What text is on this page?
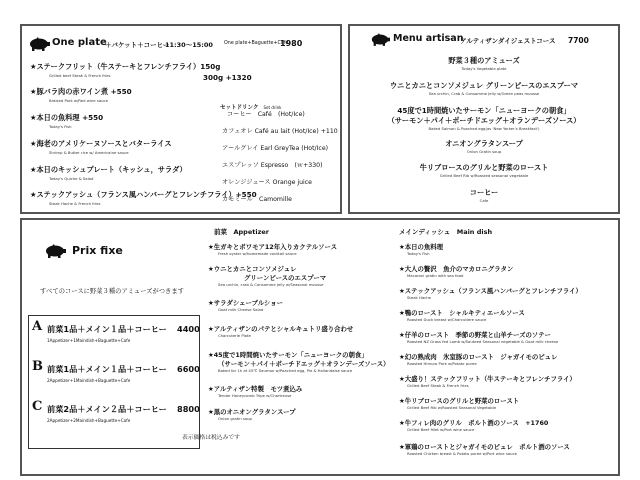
One plate
＋バケット＋コーヒー
11:30〜15:00 One plate+Baguette+Cafe
1980
★ステークフリット（牛ステーキとフレンチフライ）150g
Grilled beef Steak & French fries	300g +1320
★豚バラ肉の赤ワイン煮 +550
Braised Pork w/Red wine sauce
★本日の魚料理 +550
Today's Fish
★海老のアメリケーヌソースとバターライス
Shrimp & Butter rice w/ Americaine sauce
★本日のキッシュプレート（キッシュ，サラダ）
Today's Quiche & Salad
★ステックアッシュ（フランス風ハンバーグとフレンチフライ）+550
Steak Hache & French fries
セットドリンク Set drink
コーヒー　Café　(Hot/Ice)
カフェオレ Café au lait (Hot/Ice) +110
アールグレイ Earl GreyTea (Hot/Ice)
エスプレッソ Espresso　(ｗ+330)
オレンジジュース Orange juice
カモミール　Camomille
Menu artisan
アルティザンダイジェストコース 7700
野菜３種のアミューズ
Today's Vegetable plate
ウニとカニとコンソメジュレ グリーンピースのエスプーマ
Sea urchin, Crab & Consomme Jelly w/Green peas mousse
45度で1時間焼いたサーモン「ニューヨークの朝食」
（サーモン＋パイ＋ポーチドエッグ＋オランデーズソース）
Baked Salmon & Poached egg(as 'New Yorker's Breakfast')
オニオングラタンスープ
Onion Gratin soup
牛リブロースのグリルと野菜のロースト
Grilled Beef Rib w/Roasted seasonal vegetable
コーヒー
Cafe
Prix fixe
すべてのコースに野菜３種のアミューズがつきます
A 前菜1品＋メイン１品＋コーヒー 4400
1Appetizer+1Maindish+Baguette+Cafe
B 前菜1品＋メイン１品＋コーヒー 6600
2Appetizer+1Maindish+Baguette+Cafe
C 前菜2品＋メイン２品＋コーヒー 8800
2Appetizer+2Maindish+Baguette+Cafe
表示価格は税込みです
前菜　Appetizer
★生ガキとポワモア12年入りカクテルソース
Fresh oyster w/homemade cocktail sauce
★ウニとカニとコンソメジュレ
グリーンピースのエスプーマ
Sea urchin, crab & Consomme Jelly w/Seasonal mousse
★サラダシェーブルショー
Goat milk Cheese Salad
★アルティザンのパテとシャルキュトリ盛り合わせ
Charcuterie Plate
★45度で1時間焼いたサーモン「ニューヨークの朝食」
（サーモン＋パイ＋ポーチドエッグ＋オランデーズソース）
Baked for 1h at 45℃ Saumon w/Poached egg, Pie & Hollandaise sauce
★アルティザン特製　モツ煮込み
Tender Honeycomb Tripe w/Chartreuse
★黒のオニオングラタンスープ
Onion gratin soup
メインディッシュ　Main dish
★本日の魚料理
Today's Fish
★大人の贅沢　魚介のマカロニグラタン
Macaroni gratin with sea food
★ステックアッシュ（フランス風ハンバーグとフレンチフライ）
Steak Hache
★鴨のロースト　シャルキティエールソース
Roasted Duck breast w/Charcutiere sauce
★仔羊のロースト　季節の野菜と山羊チーズのソテー
Roasted NZ Grass fed Lamb w/Sauteed Seasonal vegetable & Goat milk cheese
★幻の熟成肉　氷室豚のロースト　ジャガイモのピュレ
Roasted Himuro Pork w/Potato puree
★大盛り！ステックフリット（牛ステーキとフレンチフライ）
Grilled Beef Steak & French fries
★牛リブロースのグリルと野菜のロースト
Grilled Beef Rib w/Roasted Seasonal Vegetable
★牛フィレ肉のグリル　ポルト酒のソース　+1760
Grilled Beef fillet w/Port wine sauce
★軍鶏のローストとジャガイモのピュレ　ポルト酒のソース
Roasted Chicken breast & Potato puree w/Port wine sauce
